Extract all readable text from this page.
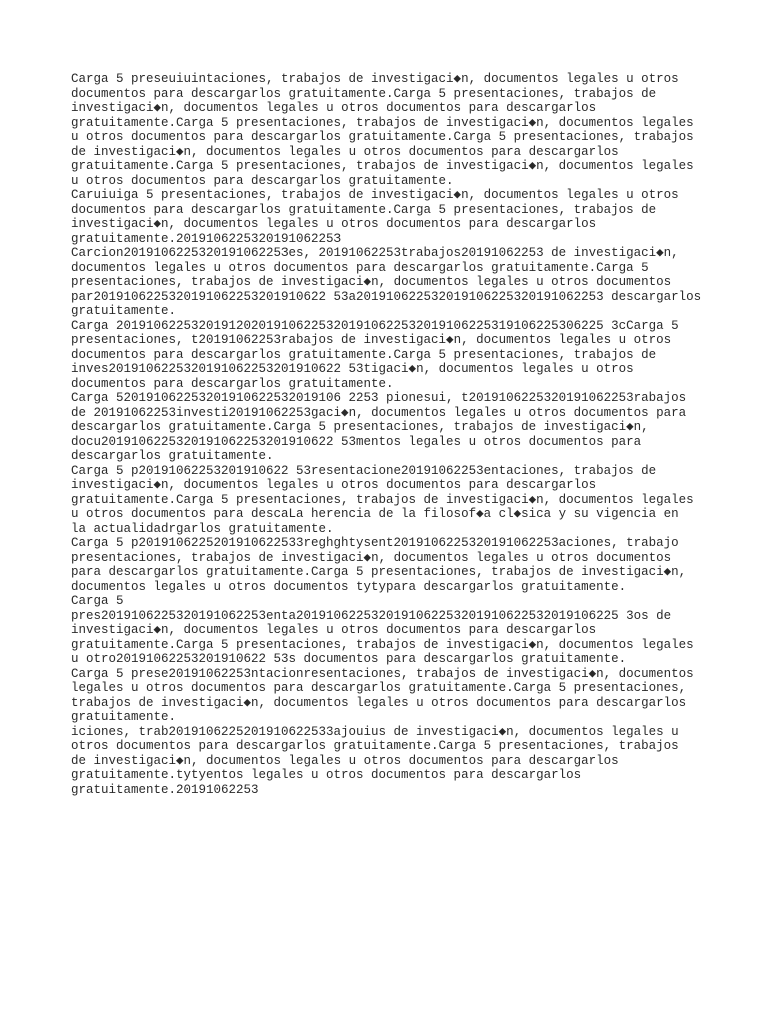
Carga 5 preseuiuintaciones, trabajos de investigaci◆n, documentos legales u otros
documentos para descargarlos gratuitamente.Carga 5 presentaciones, trabajos de
investigaci◆n, documentos legales u otros documentos para descargarlos
gratuitamente.Carga 5 presentaciones, trabajos de investigaci◆n, documentos legales
u otros documentos para descargarlos gratuitamente.Carga 5 presentaciones, trabajos
de investigaci◆n, documentos legales u otros documentos para descargarlos
gratuitamente.Carga 5 presentaciones, trabajos de investigaci◆n, documentos legales
u otros documentos para descargarlos gratuitamente.
Caruiuiga 5 presentaciones, trabajos de investigaci◆n, documentos legales u otros
documentos para descargarlos gratuitamente.Carga 5 presentaciones, trabajos de
investigaci◆n, documentos legales u otros documentos para descargarlos
gratuitamente.201910622532019106225З
Carcion201910622532019106225Зes, 20191062253trabajos20191062253 de investigaci◆n,
documentos legales u otros documentos para descargarlos gratuitamente.Carga 5
presentaciones, trabajos de investigaci◆n, documentos legales u otros documentos
par2019106225320191062253201910622 53a201910622532019106225320191062253 descargarlos
gratuitamente.
Carga 20191062253201912020191062253201910622532019106225319106225306225 3cCarga 5
presentaciones, t20191062253rabajos de investigaci◆n, documentos legales u otros
documentos para descargarlos gratuitamente.Carga 5 presentaciones, trabajos de
inves2019106225320191062253201910622 53tigaci◆n, documentos legales u otros
documentos para descargarlos gratuitamente.
Carga 520191062253201910622532019106 2253 pionesui, t2019106225320191062253rabajos
de 20191062253investi20191062253gaci◆n, documentos legales u otros documentos para
descargarlos gratuitamente.Carga 5 presentaciones, trabajos de investigaci◆n,
docu2019106225320191062253201910622 53mentos legales u otros documentos para
descargarlos gratuitamente.
Carga 5 p20191062253201910622 53resentacione20191062253entaciones, trabajos de
investigaci◆n, documentos legales u otros documentos para descargarlos
gratuitamente.Carga 5 presentaciones, trabajos de investigaci◆n, documentos legales
u otros documentos para descaLa herencia de la filosof◆a cl◆sica y su vigencia en
la actualidadrgarlos gratuitamente.
Carga 5 p2019106225201910622533reghghtysent2019106225320191062253aciones, trabajo
presentaciones, trabajos de investigaci◆n, documentos legales u otros documentos
para descargarlos gratuitamente.Carga 5 presentaciones, trabajos de investigaci◆n,
documentos legales u otros documentos tytypara descargarlos gratuitamente.
Carga 5
pres2019106225320191062253enta2019106225320191062253201910622532019106225 3os de
investigaci◆n, documentos legales u otros documentos para descargarlos
gratuitamente.Carga 5 presentaciones, trabajos de investigaci◆n, documentos legales
u otro20191062253201910622 53s documentos para descargarlos gratuitamente.
Carga 5 prese20191062253ntacionresentaciones, trabajos de investigaci◆n, documentos
legales u otros documentos para descargarlos gratuitamente.Carga 5 presentaciones,
trabajos de investigaci◆n, documentos legales u otros documentos para descargarlos
gratuitamente.
iciones, trab2019106225201910622533ajouius de investigaci◆n, documentos legales u
otros documentos para descargarlos gratuitamente.Carga 5 presentaciones, trabajos
de investigaci◆n, documentos legales u otros documentos para descargarlos
gratuitamente.tytyentos legales u otros documentos para descargarlos
gratuitamente.20191062253
